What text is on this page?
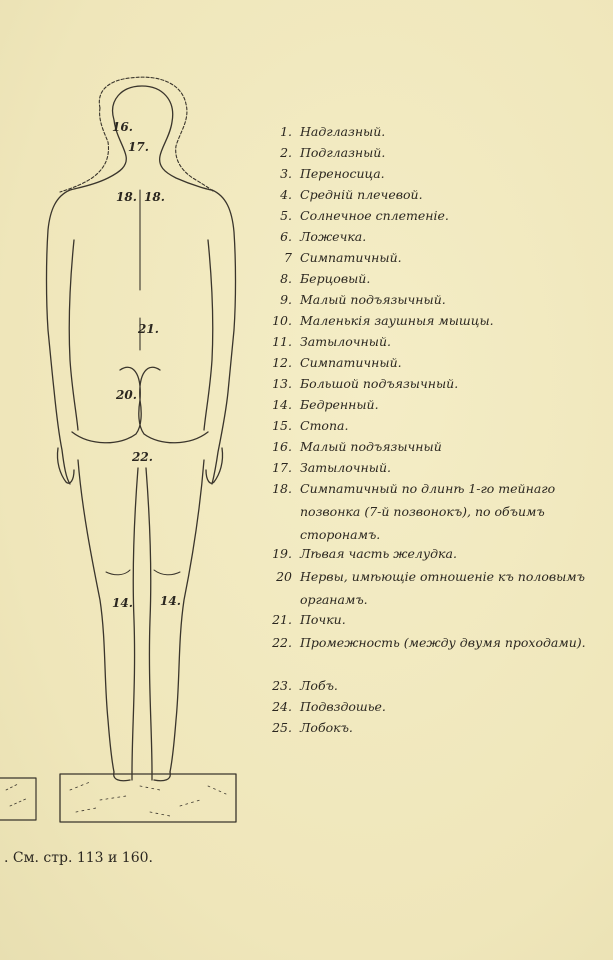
16.
17.
18. 18.
21.
20.
22.
14. 14.
1. Надглазный.
2. Подглазный.
3. Переносица.
4. Средній плечевой.
5. Солнечное сплетеніе.
6. Ложечка.
7 Симпатичный.
8. Берцовый.
9. Малый подъязычный.
10. Маленькія заушныя мышцы.
11. Затылочный.
12. Симпатичный.
13. Большой подъязычный.
14. Бедренный.
15. Стопа.
16. Малый подъязычный
17. Затылочный.
18. Симпатичный по длинѣ 1-го тейнаго позвонка (7-й позвонокъ), по объимъ сторонамъ.
19. Лѣвая часть желудка.
20 Нервы, имѣющіе отношеніе къ половымъ органамъ.
21. Почки.
22. Промежность (между двумя проходами).
23. Лобъ.
24. Подвздошье.
25. Лобокъ.
. См. стр. 113 и 160.
